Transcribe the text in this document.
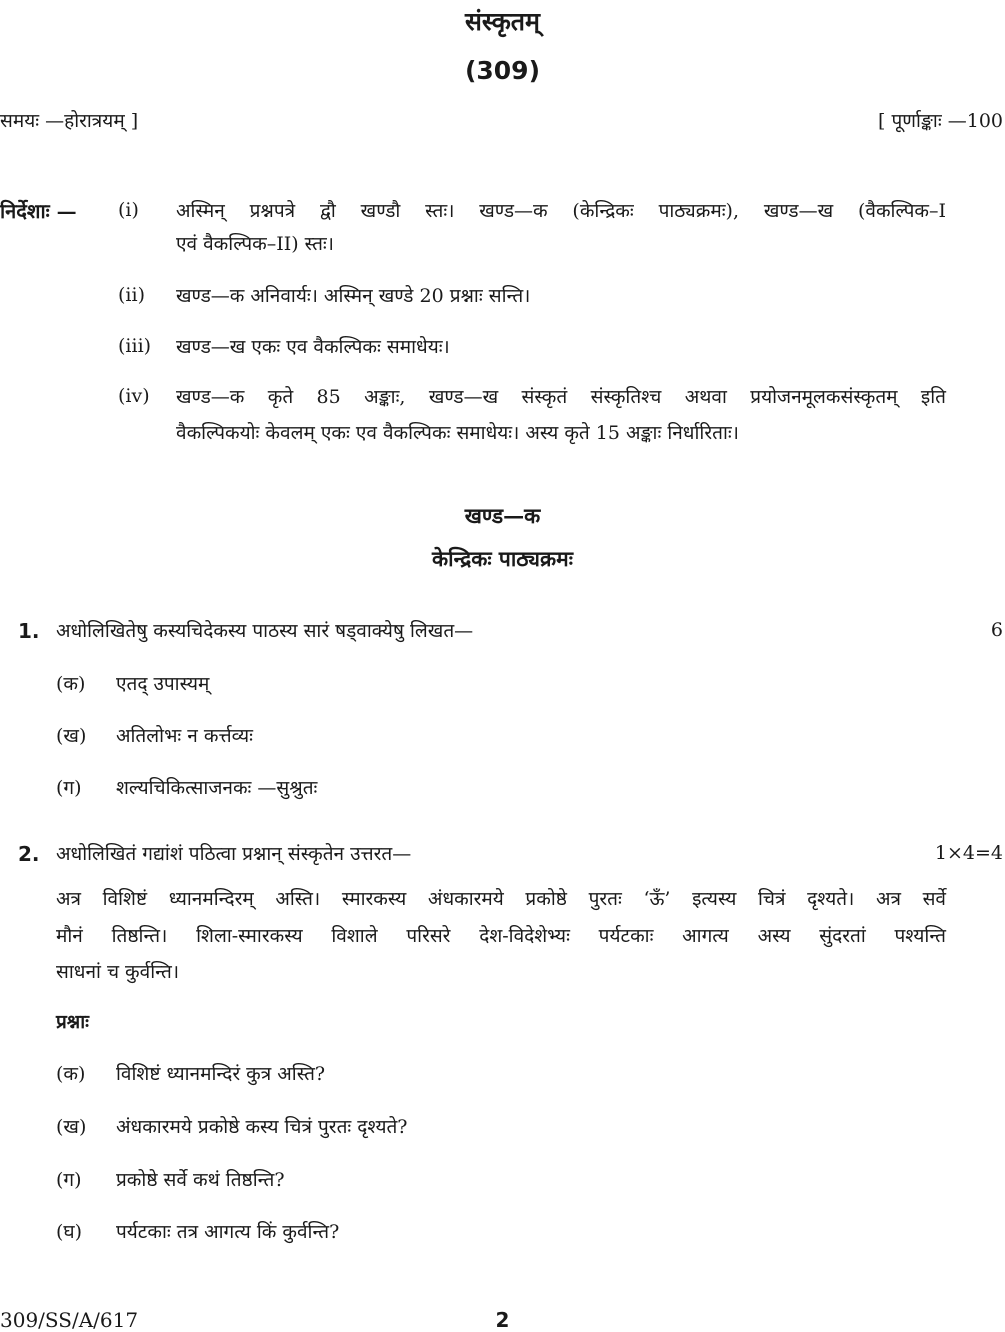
संस्कृतम्
(309)
समयः —होरात्रयम् ]	[ पूर्णाङ्काः —100
निर्देशाः — (i) अस्मिन् प्रश्नपत्रे द्वौ खण्डौ स्तः। खण्ड—क (केन्द्रिकः पाठ्यक्रमः), खण्ड—ख (वैकल्पिक–I
एवं वैकल्पिक–II) स्तः।
(ii) खण्ड—क अनिवार्यः। अस्मिन् खण्डे 20 प्रश्नाः सन्ति।
(iii) खण्ड—ख एकः एव वैकल्पिकः समाधेयः।
(iv) खण्ड—क कृते 85 अङ्काः, खण्ड—ख संस्कृतं संस्कृतिश्च अथवा प्रयोजनमूलकसंस्कृतम् इति
वैकल्पिकयोः केवलम् एकः एव वैकल्पिकः समाधेयः। अस्य कृते 15 अङ्काः निर्धारिताः।
खण्ड—क
केन्द्रिकः पाठ्यक्रमः
1. अधोलिखितेषु कस्यचिदेकस्य पाठस्य सारं षड्वाक्येषु लिखत—	6
(क) एतद् उपास्यम्
(ख) अतिलोभः न कर्त्तव्यः
(ग) शल्यचिकित्साजनकः —सुश्रुतः
2. अधोलिखितं गद्यांशं पठित्वा प्रश्नान् संस्कृतेन उत्तरत—	1×4=4
अत्र विशिष्टं ध्यानमन्दिरम् अस्ति। स्मारकस्य अंधकारमये प्रकोष्ठे पुरतः ‘ऊँ’ इत्यस्य चित्रं दृश्यते। अत्र सर्वे
मौनं तिष्ठन्ति। शिला-स्मारकस्य विशाले परिसरे देश-विदेशेभ्यः पर्यटकाः आगत्य अस्य सुंदरतां पश्यन्ति
साधनां च कुर्वन्ति।
प्रश्नाः
(क) विशिष्टं ध्यानमन्दिरं कुत्र अस्ति?
(ख) अंधकारमये प्रकोष्ठे कस्य चित्रं पुरतः दृश्यते?
(ग) प्रकोष्ठे सर्वे कथं तिष्ठन्ति?
(घ) पर्यटकाः तत्र आगत्य किं कुर्वन्ति?
309/SS/A/617	2
